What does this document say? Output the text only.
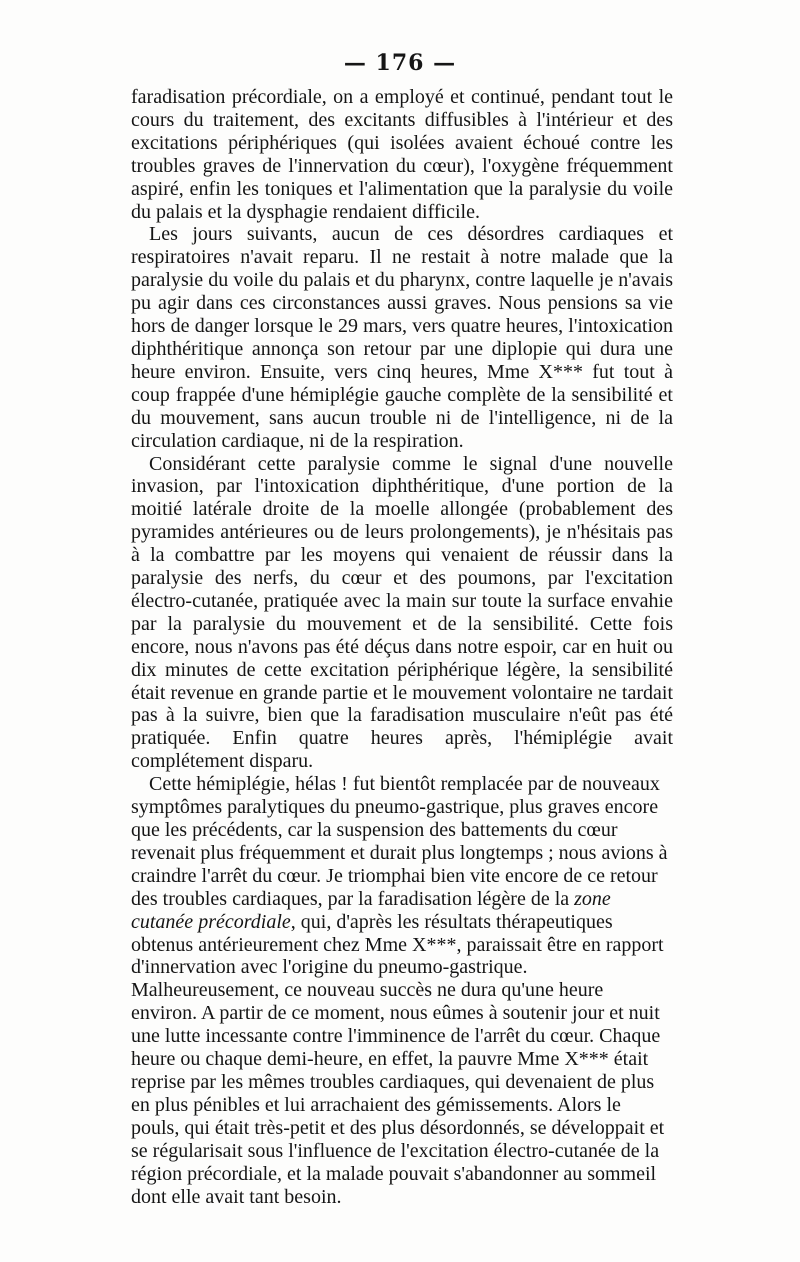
— 176 —

faradisation précordiale, on a employé et continué, pendant tout le cours du traitement, des excitants diffusibles à l'intérieur et des excitations périphériques (qui isolées avaient échoué contre les troubles graves de l'innervation du cœur), l'oxygène fréquemment aspiré, enfin les toniques et l'alimentation que la paralysie du voile du palais et la dysphagie rendaient difficile.

Les jours suivants, aucun de ces désordres cardiaques et respiratoires n'avait reparu. Il ne restait à notre malade que la paralysie du voile du palais et du pharynx, contre laquelle je n'avais pu agir dans ces circonstances aussi graves. Nous pensions sa vie hors de danger lorsque le 29 mars, vers quatre heures, l'intoxication diphthéritique annonça son retour par une diplopie qui dura une heure environ. Ensuite, vers cinq heures, Mme X*** fut tout à coup frappée d'une hémiplégie gauche complète de la sensibilité et du mouvement, sans aucun trouble ni de l'intelligence, ni de la circulation cardiaque, ni de la respiration.

Considérant cette paralysie comme le signal d'une nouvelle invasion, par l'intoxication diphthéritique, d'une portion de la moitié latérale droite de la moelle allongée (probablement des pyramides antérieures ou de leurs prolongements), je n'hésitais pas à la combattre par les moyens qui venaient de réussir dans la paralysie des nerfs, du cœur et des poumons, par l'excitation électro-cutanée, pratiquée avec la main sur toute la surface envahie par la paralysie du mouvement et de la sensibilité. Cette fois encore, nous n'avons pas été déçus dans notre espoir, car en huit ou dix minutes de cette excitation périphérique légère, la sensibilité était revenue en grande partie et le mouvement volontaire ne tardait pas à la suivre, bien que la faradisation musculaire n'eût pas été pratiquée. Enfin quatre heures après, l'hémiplégie avait complétement disparu.

Cette hémiplégie, hélas ! fut bientôt remplacée par de nouveaux symptômes paralytiques du pneumo-gastrique, plus graves encore que les précédents, car la suspension des battements du cœur revenait plus fréquemment et durait plus longtemps ; nous avions à craindre l'arrêt du cœur. Je triomphai bien vite encore de ce retour des troubles cardiaques, par la faradisation légère de la zone cutanée précordiale, qui, d'après les résultats thérapeutiques obtenus antérieurement chez Mme X***, paraissait être en rapport d'innervation avec l'origine du pneumo-gastrique. Malheureusement, ce nouveau succès ne dura qu'une heure environ. A partir de ce moment, nous eûmes à soutenir jour et nuit une lutte incessante contre l'imminence de l'arrêt du cœur. Chaque heure ou chaque demi-heure, en effet, la pauvre Mme X*** était reprise par les mêmes troubles cardiaques, qui devenaient de plus en plus pénibles et lui arrachaient des gémissements. Alors le pouls, qui était très-petit et des plus désordonnés, se développait et se régularisait sous l'influence de l'excitation électro-cutanée de la région précordiale, et la malade pouvait s'abandonner au sommeil dont elle avait tant besoin.
